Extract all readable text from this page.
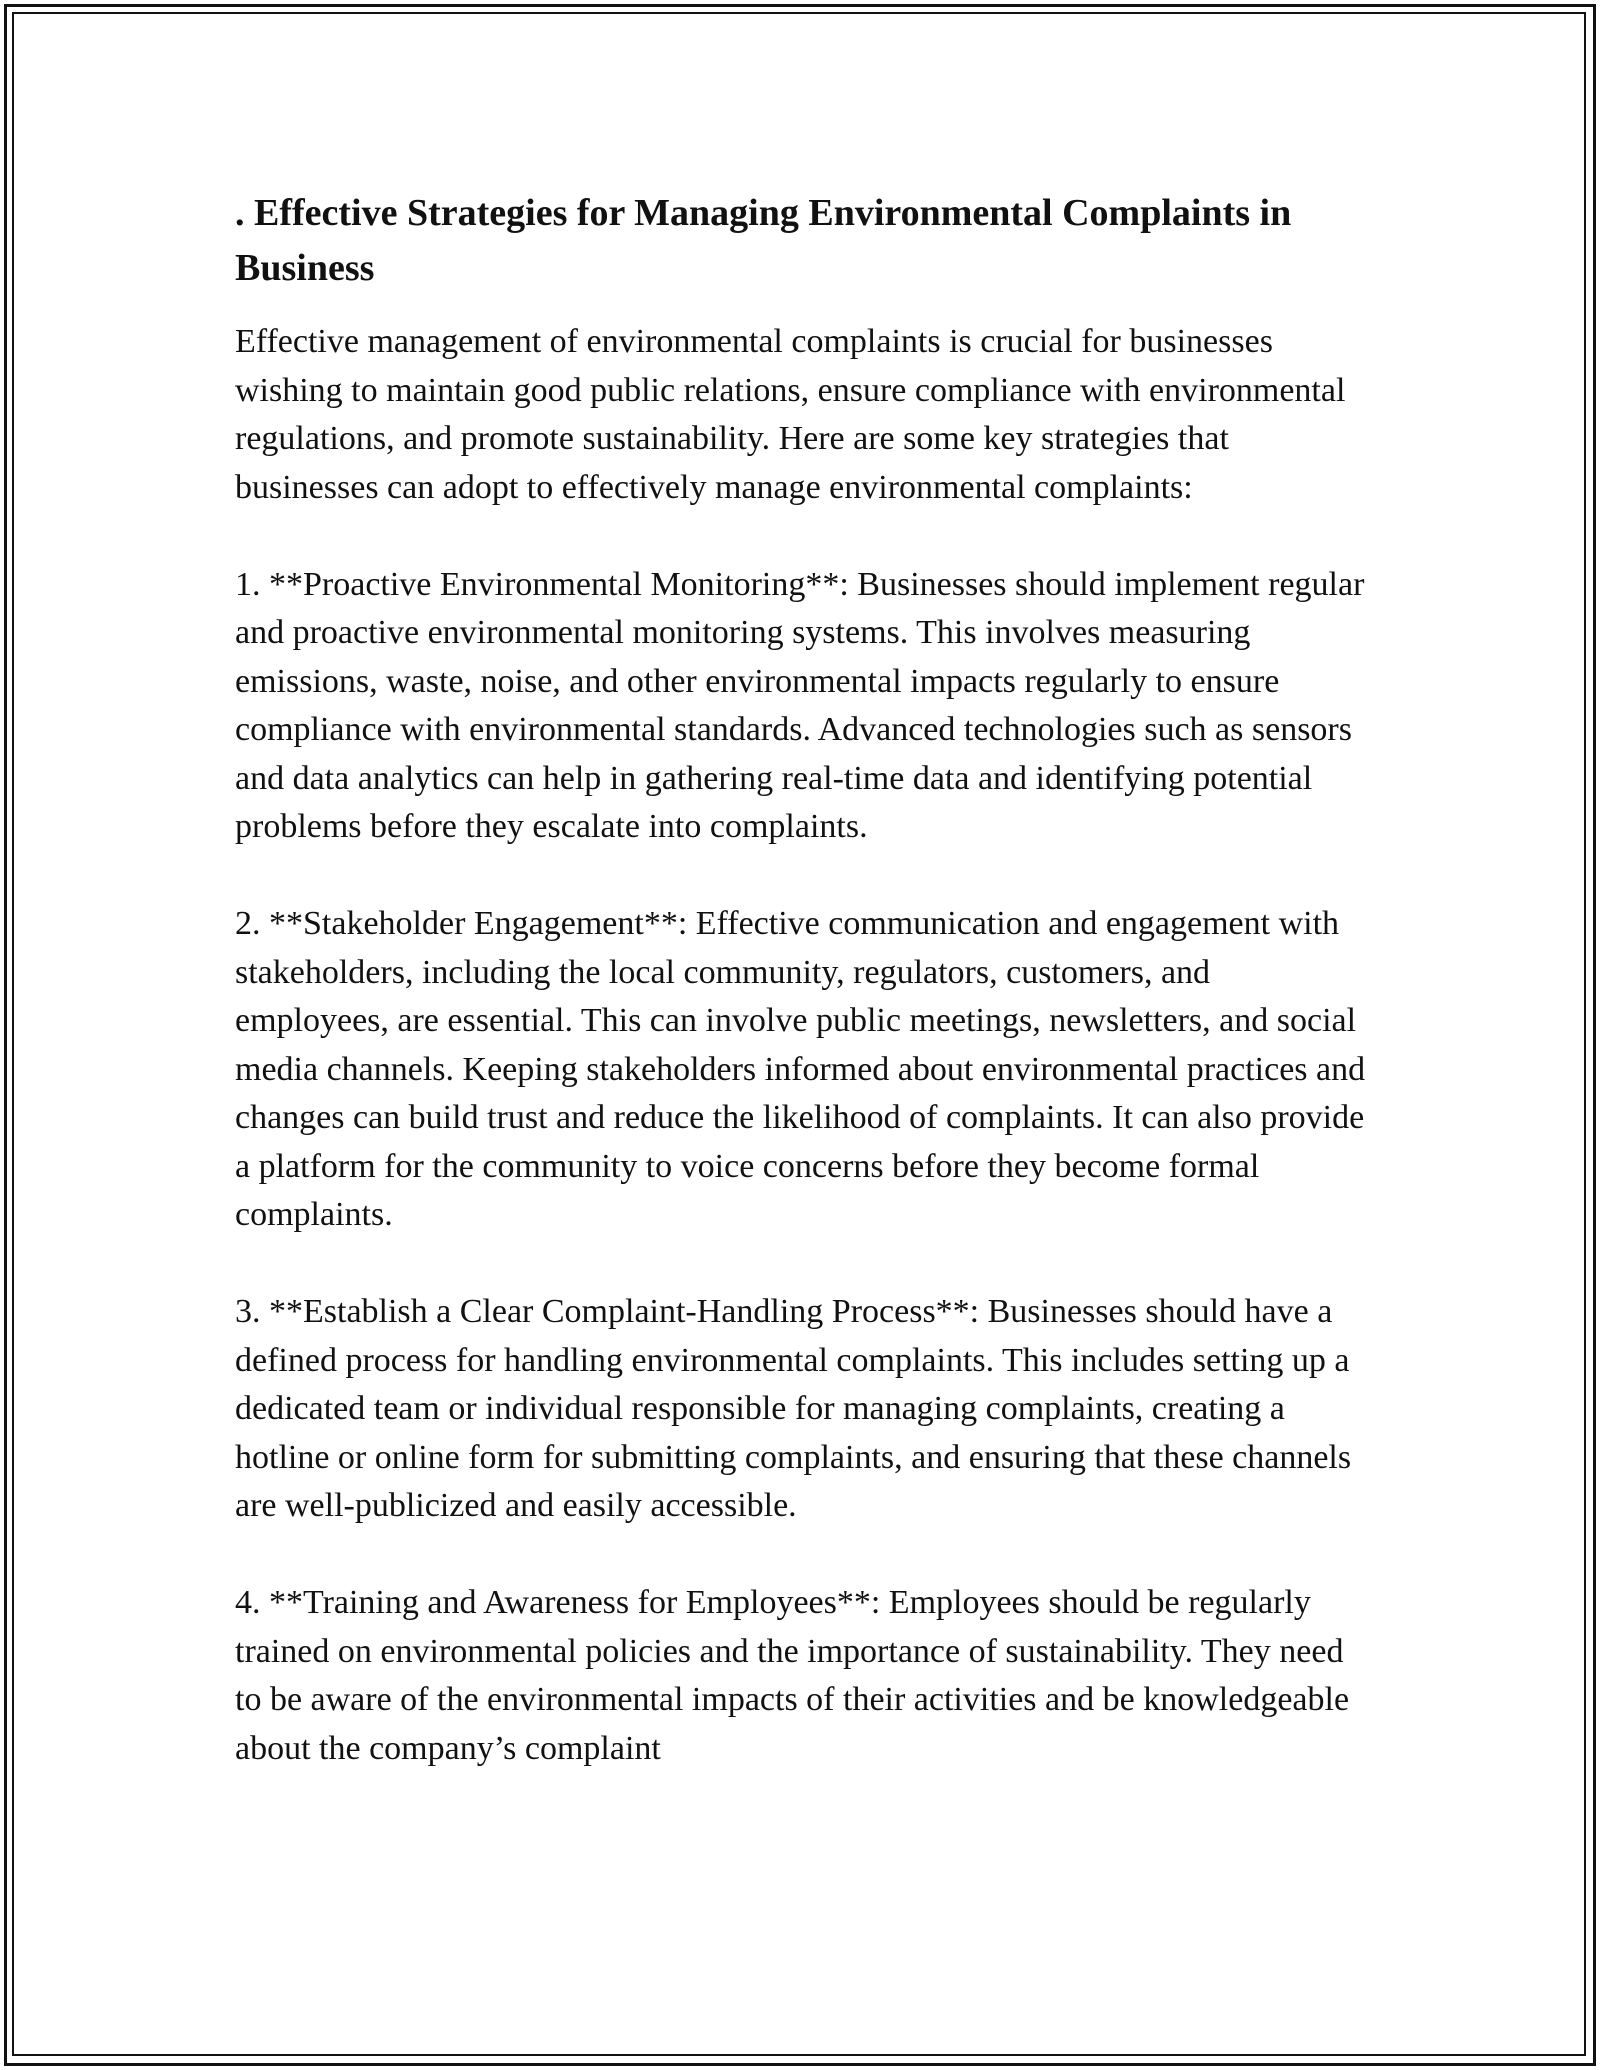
. Effective Strategies for Managing Environmental Complaints in Business

Effective management of environmental complaints is crucial for businesses wishing to maintain good public relations, ensure compliance with environmental regulations, and promote sustainability. Here are some key strategies that businesses can adopt to effectively manage environmental complaints:

1. **Proactive Environmental Monitoring**: Businesses should implement regular and proactive environmental monitoring systems. This involves measuring emissions, waste, noise, and other environmental impacts regularly to ensure compliance with environmental standards. Advanced technologies such as sensors and data analytics can help in gathering real-time data and identifying potential problems before they escalate into complaints.

2. **Stakeholder Engagement**: Effective communication and engagement with stakeholders, including the local community, regulators, customers, and employees, are essential. This can involve public meetings, newsletters, and social media channels. Keeping stakeholders informed about environmental practices and changes can build trust and reduce the likelihood of complaints. It can also provide a platform for the community to voice concerns before they become formal complaints.

3. **Establish a Clear Complaint-Handling Process**: Businesses should have a defined process for handling environmental complaints. This includes setting up a dedicated team or individual responsible for managing complaints, creating a hotline or online form for submitting complaints, and ensuring that these channels are well-publicized and easily accessible.

4. **Training and Awareness for Employees**: Employees should be regularly trained on environmental policies and the importance of sustainability. They need to be aware of the environmental impacts of their activities and be knowledgeable about the company’s complaint
